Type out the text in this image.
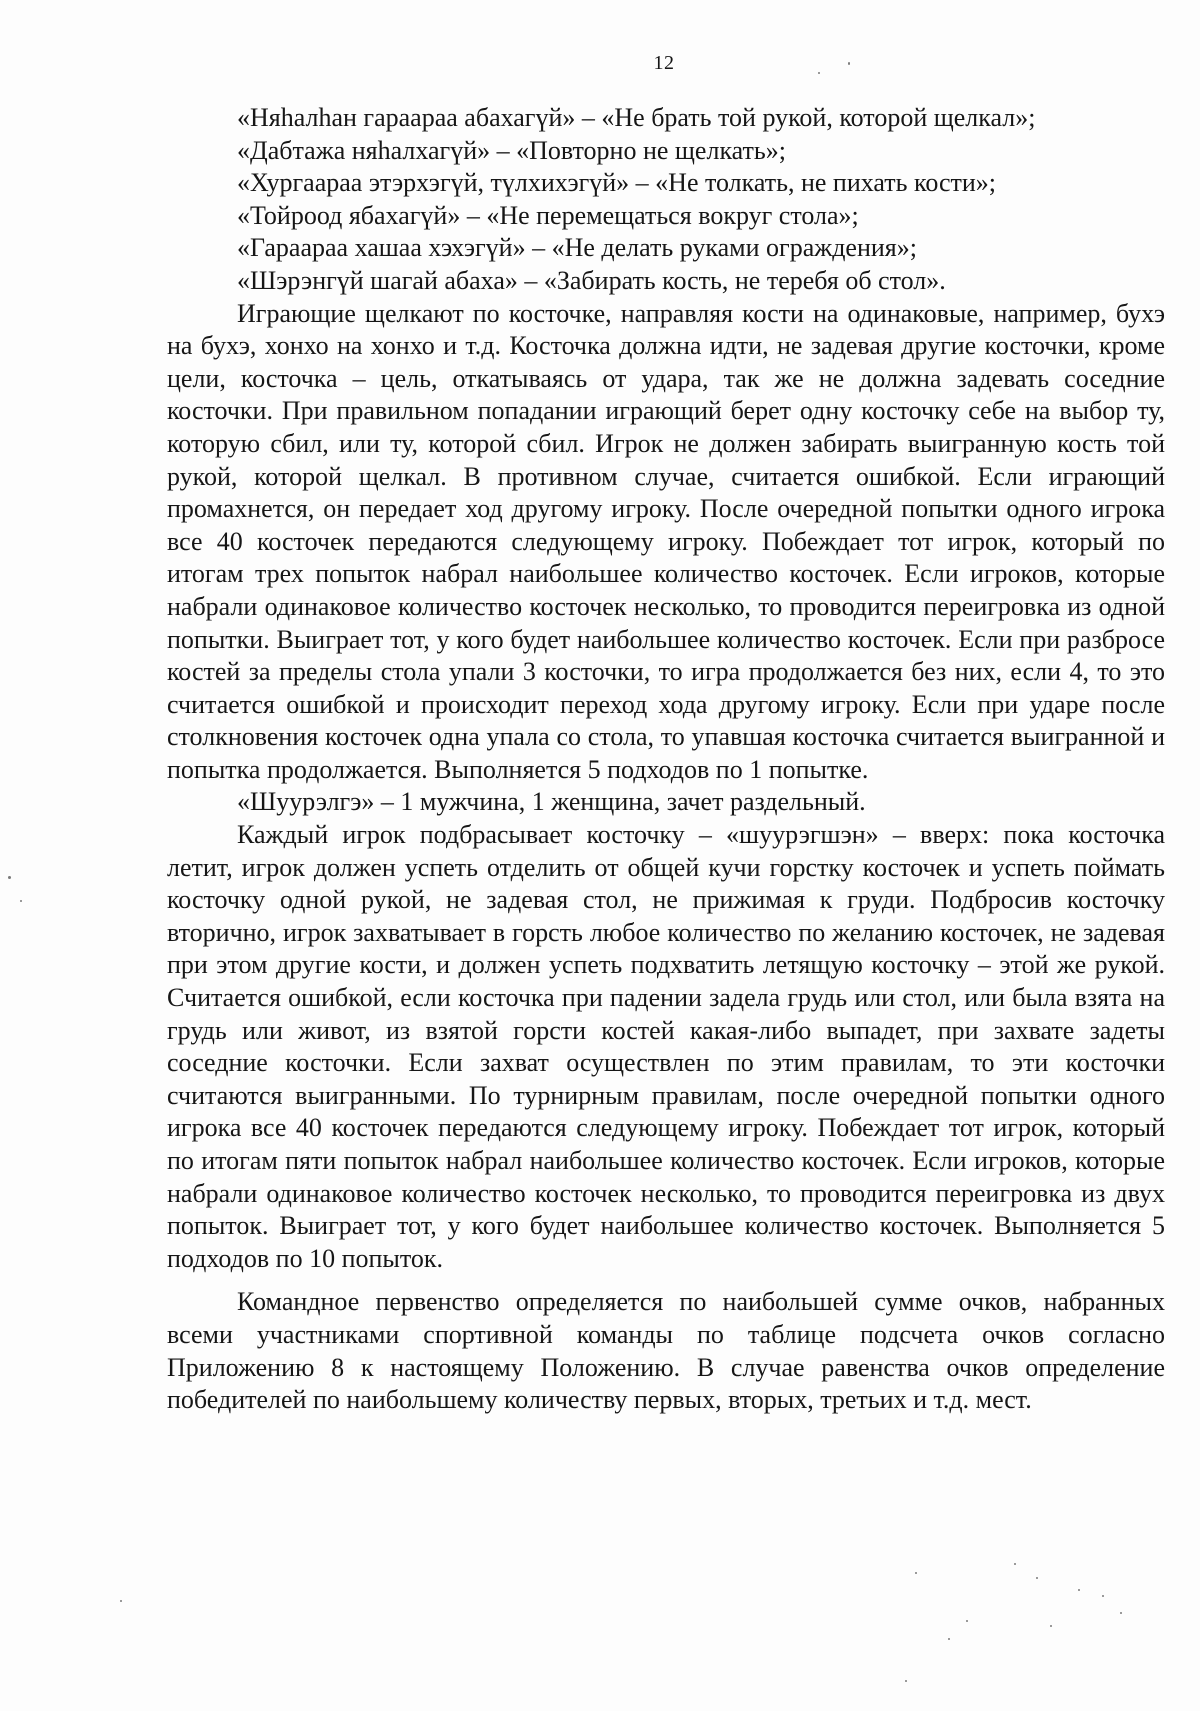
12
«Няhалhан гараараа абахагүй» – «Не брать той рукой, которой щелкал»;
«Дабтажа няhалхагүй» – «Повторно не щелкать»;
«Хургаараа этэрхэгүй, түлхихэгүй» – «Не толкать, не пихать кости»;
«Тойроод ябахагүй» – «Не перемещаться вокруг стола»;
«Гараараа хашаа хэхэгүй» – «Не делать руками ограждения»;
«Шэрэнгүй шагай абаха» – «Забирать кость, не теребя об стол».

Играющие щелкают по косточке, направляя кости на одинаковые, например, бухэ на бухэ, хонхо на хонхо и т.д. Косточка должна идти, не задевая другие косточки, кроме цели, косточка – цель, откатываясь от удара, так же не должна задевать соседние косточки. При правильном попадании играющий берет одну косточку себе на выбор ту, которую сбил, или ту, которой сбил. Игрок не должен забирать выигранную кость той рукой, которой щелкал. В противном случае, считается ошибкой. Если играющий промахнется, он передает ход другому игроку. После очередной попытки одного игрока все 40 косточек передаются следующему игроку. Побеждает тот игрок, который по итогам трех попыток набрал наибольшее количество косточек. Если игроков, которые набрали одинаковое количество косточек несколько, то проводится переигровка из одной попытки. Выиграет тот, у кого будет наибольшее количество косточек. Если при разбросе костей за пределы стола упали 3 косточки, то игра продолжается без них, если 4, то это считается ошибкой и происходит переход хода другому игроку. Если при ударе после столкновения косточек одна упала со стола, то упавшая косточка считается выигранной и попытка продолжается. Выполняется 5 подходов по 1 попытке.

«Шуурэлгэ» – 1 мужчина, 1 женщина, зачет раздельный.

Каждый игрок подбрасывает косточку – «шуурэгшэн» – вверх: пока косточка летит, игрок должен успеть отделить от общей кучи горстку косточек и успеть поймать косточку одной рукой, не задевая стол, не прижимая к груди. Подбросив косточку вторично, игрок захватывает в горсть любое количество по желанию косточек, не задевая при этом другие кости, и должен успеть подхватить летящую косточку – этой же рукой. Считается ошибкой, если косточка при падении задела грудь или стол, или была взята на грудь или живот, из взятой горсти костей какая-либо выпадет, при захвате задеты соседние косточки. Если захват осуществлен по этим правилам, то эти косточки считаются выигранными. По турнирным правилам, после очередной попытки одного игрока все 40 косточек передаются следующему игроку. Побеждает тот игрок, который по итогам пяти попыток набрал наибольшее количество косточек. Если игроков, которые набрали одинаковое количество косточек несколько, то проводится переигровка из двух попыток. Выиграет тот, у кого будет наибольшее количество косточек. Выполняется 5 подходов по 10 попыток.

Командное первенство определяется по наибольшей сумме очков, набранных всеми участниками спортивной команды по таблице подсчета очков согласно Приложению 8 к настоящему Положению. В случае равенства очков определение победителей по наибольшему количеству первых, вторых, третьих и т.д. мест.
